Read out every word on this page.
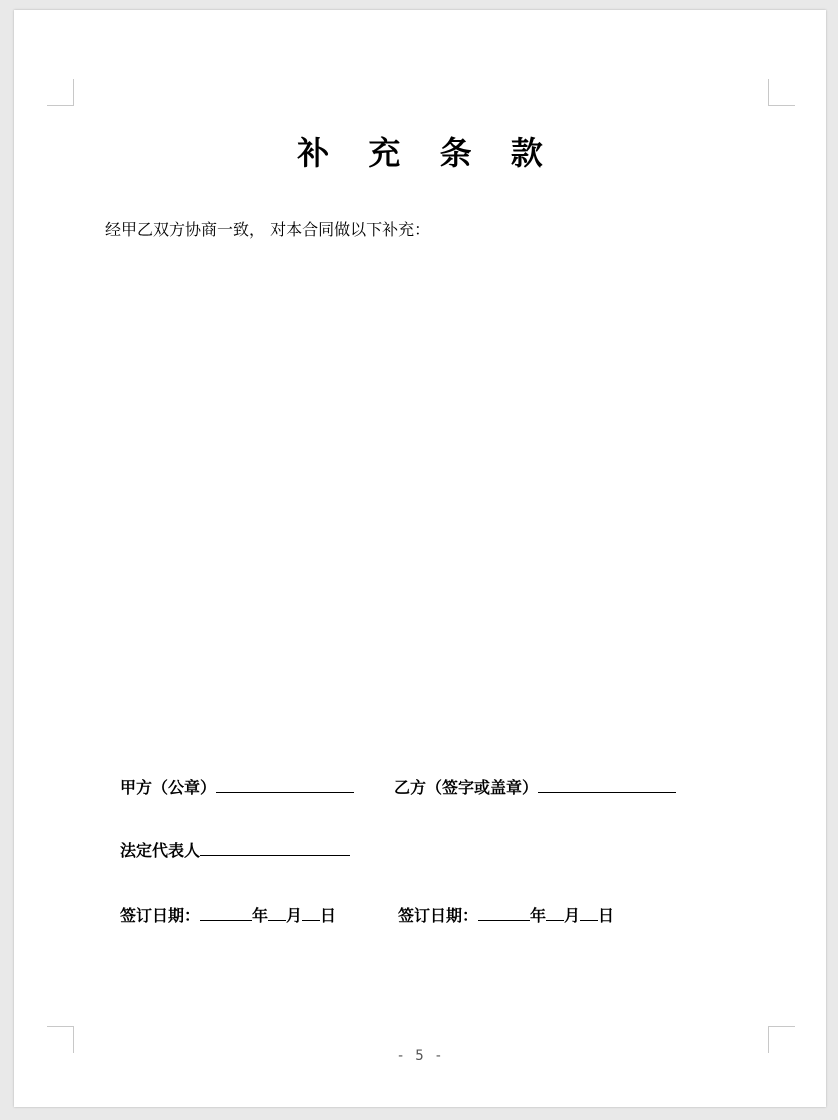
补 充 条 款
经甲乙双方协商一致， 对本合同做以下补充：
甲方（公章）	乙方（签字或盖章）
法定代表人
签订日期：	年 月 日	签订日期：	年 月 日
- 5 -
